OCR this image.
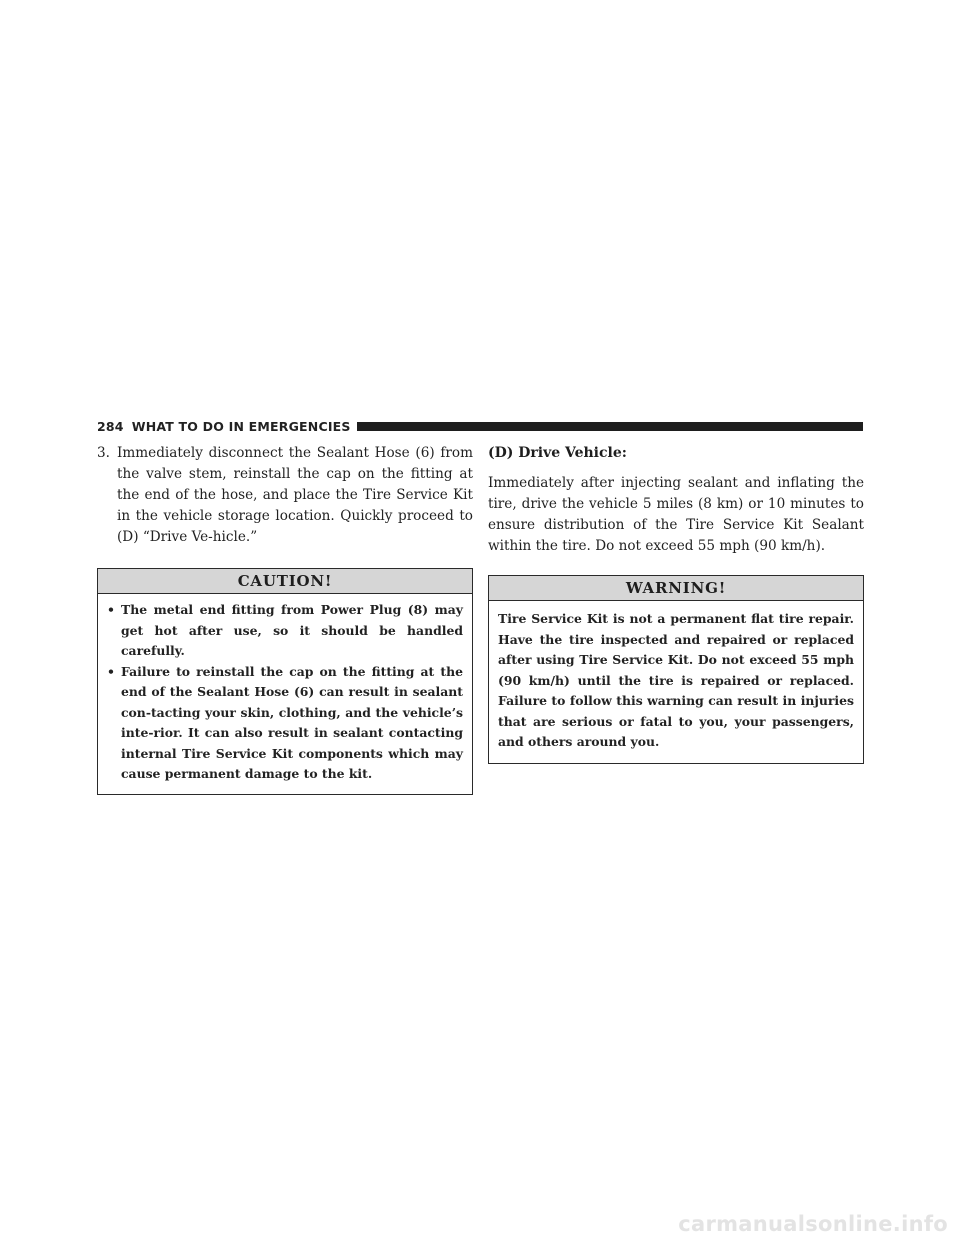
284 WHAT TO DO IN EMERGENCIES
3. Immediately disconnect the Sealant Hose (6) from the valve stem, reinstall the cap on the fitting at the end of the hose, and place the Tire Service Kit in the vehicle storage location. Quickly proceed to (D) “Drive Ve-hicle.”
CAUTION!
• The metal end fitting from Power Plug (8) may get hot after use, so it should be handled carefully.
• Failure to reinstall the cap on the fitting at the end of the Sealant Hose (6) can result in sealant con-tacting your skin, clothing, and the vehicle’s inte-rior. It can also result in sealant contacting internal Tire Service Kit components which may cause permanent damage to the kit.
(D) Drive Vehicle:
Immediately after injecting sealant and inflating the tire, drive the vehicle 5 miles (8 km) or 10 minutes to ensure distribution of the Tire Service Kit Sealant within the tire. Do not exceed 55 mph (90 km/h).
WARNING!
Tire Service Kit is not a permanent flat tire repair. Have the tire inspected and repaired or replaced after using Tire Service Kit. Do not exceed 55 mph (90 km/h) until the tire is repaired or replaced. Failure to follow this warning can result in injuries that are serious or fatal to you, your passengers, and others around you.
carmanualsonline.info
